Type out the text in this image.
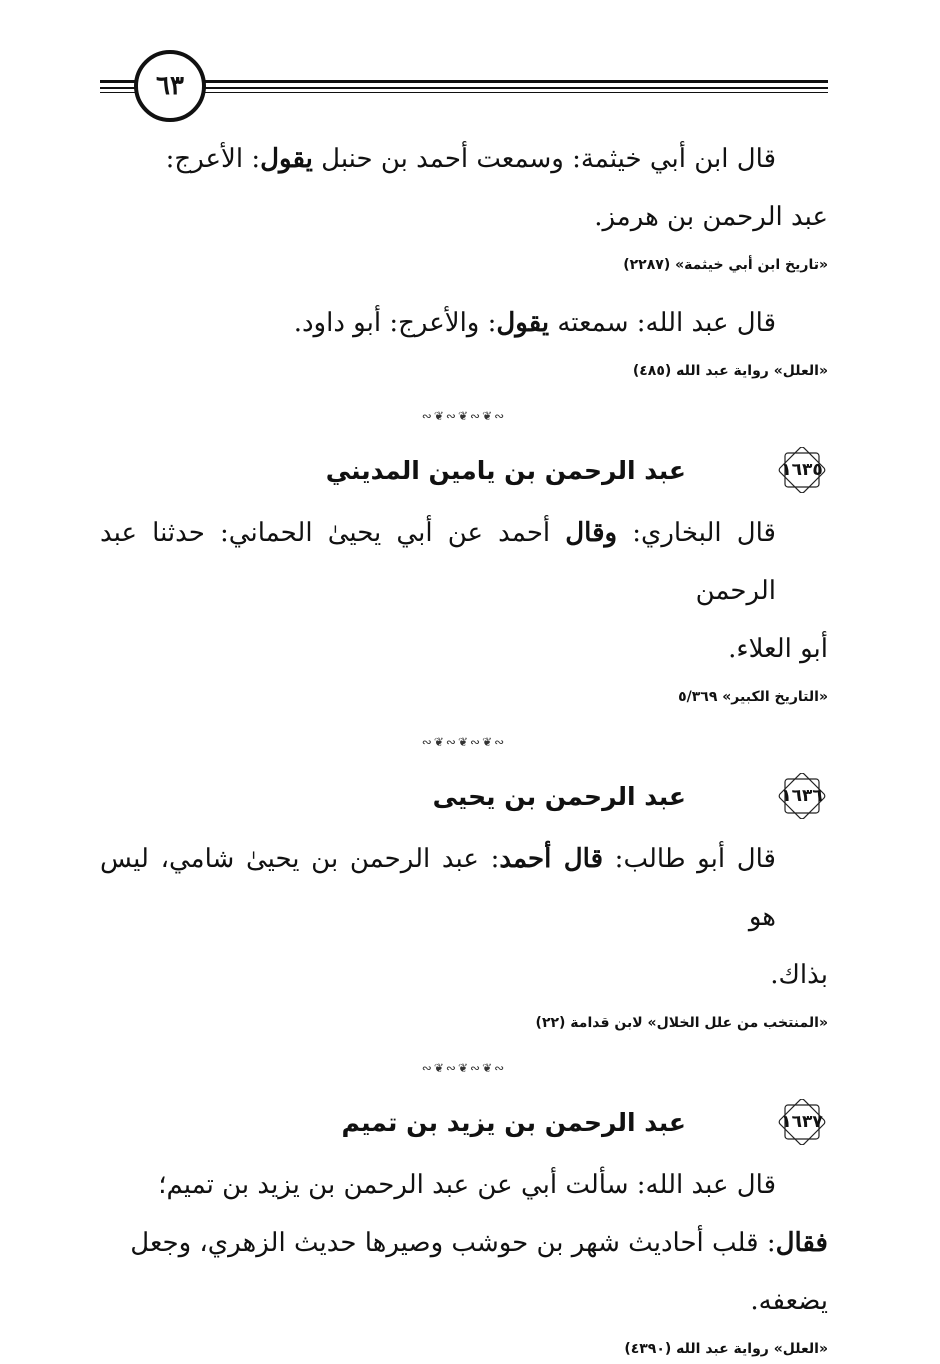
٦٣

قال ابن أبي خيثمة: وسمعت أحمد بن حنبل يقول: الأعرج:

عبد الرحمن بن هرمز.

«تاريخ ابن أبي خيثمة» (٢٢٨٧)

قال عبد الله: سمعته يقول: والأعرج: أبو داود.

«العلل» رواية عبد الله (٤٨٥)

∾❦∾❦∾❦∾
١٦٣٥
عبد الرحمن بن يامين المديني

قال البخاري: وقال أحمد عن أبي يحيىٰ الحماني: حدثنا عبد الرحمن

أبو العلاء.

«التاريخ الكبير» ٥/٣٦٩

∾❦∾❦∾❦∾
١٦٣٦
عبد الرحمن بن يحيى

قال أبو طالب: قال أحمد: عبد الرحمن بن يحيىٰ شامي، ليس هو

بذاك.

«المنتخب من علل الخلال» لابن قدامة (٢٢)

∾❦∾❦∾❦∾
١٦٣٧
عبد الرحمن بن يزيد بن تميم

قال عبد الله: سألت أبي عن عبد الرحمن بن يزيد بن تميم؛

فقال: قلب أحاديث شهر بن حوشب وصيرها حديث الزهري، وجعل

يضعفه.

«العلل» رواية عبد الله (٤٣٩٠)
